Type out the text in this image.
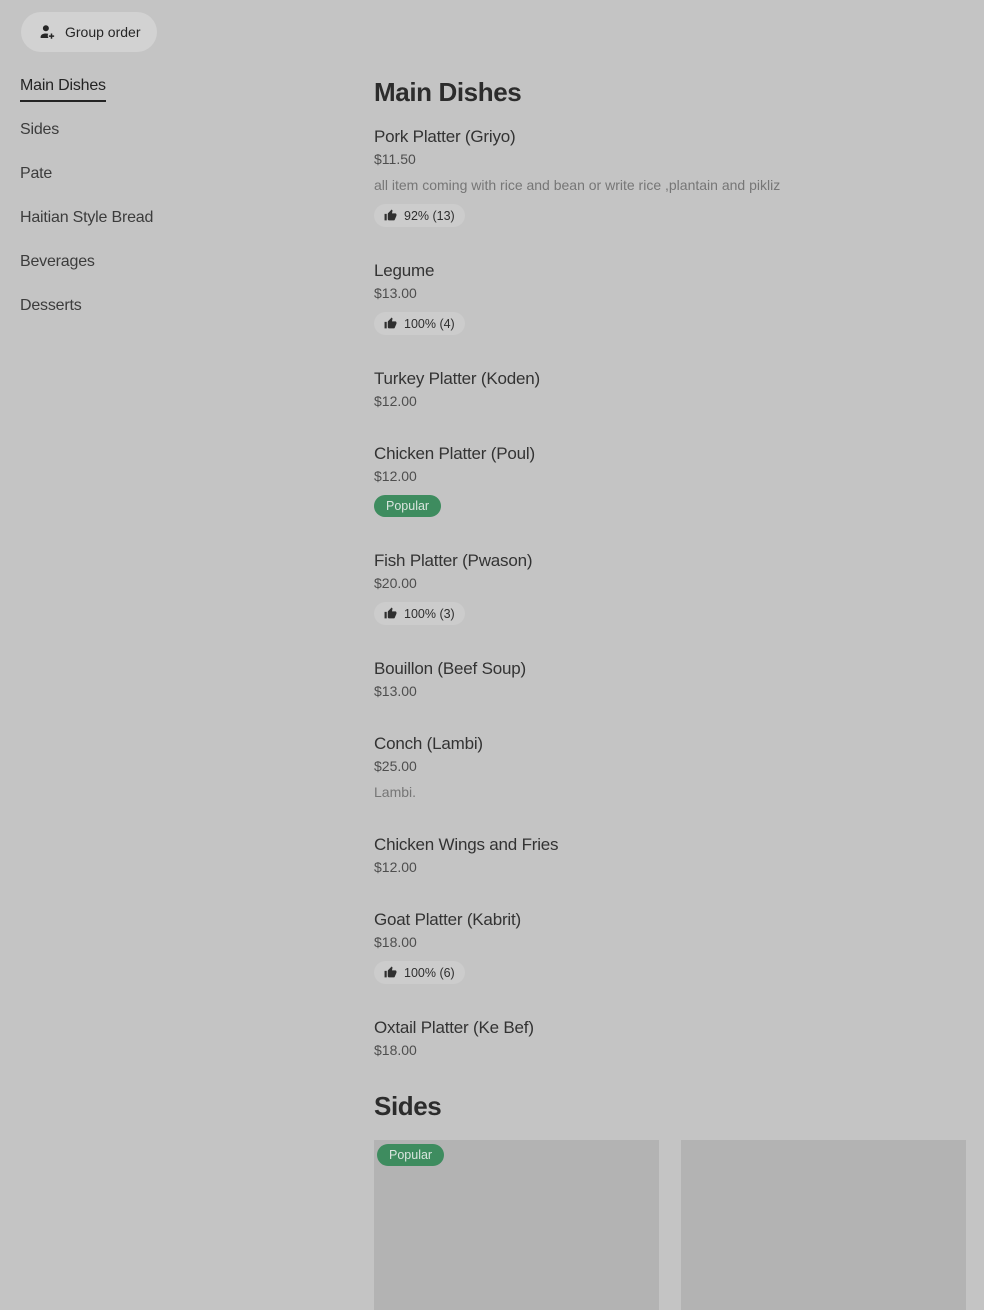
Group order
Main Dishes
Sides
Pate
Haitian Style Bread
Beverages
Desserts
Main Dishes
Pork Platter (Griyo)
$11.50
all item coming with rice and bean or write rice ,plantain and pikliz
92% (13)
Legume
$13.00
100% (4)
Turkey Platter (Koden)
$12.00
Chicken Platter (Poul)
$12.00
Popular
Fish Platter (Pwason)
$20.00
100% (3)
Bouillon (Beef Soup)
$13.00
Conch (Lambi)
$25.00
Lambi.
Chicken Wings and Fries
$12.00
Goat Platter (Kabrit)
$18.00
100% (6)
Oxtail Platter (Ke Bef)
$18.00
Sides
Popular
